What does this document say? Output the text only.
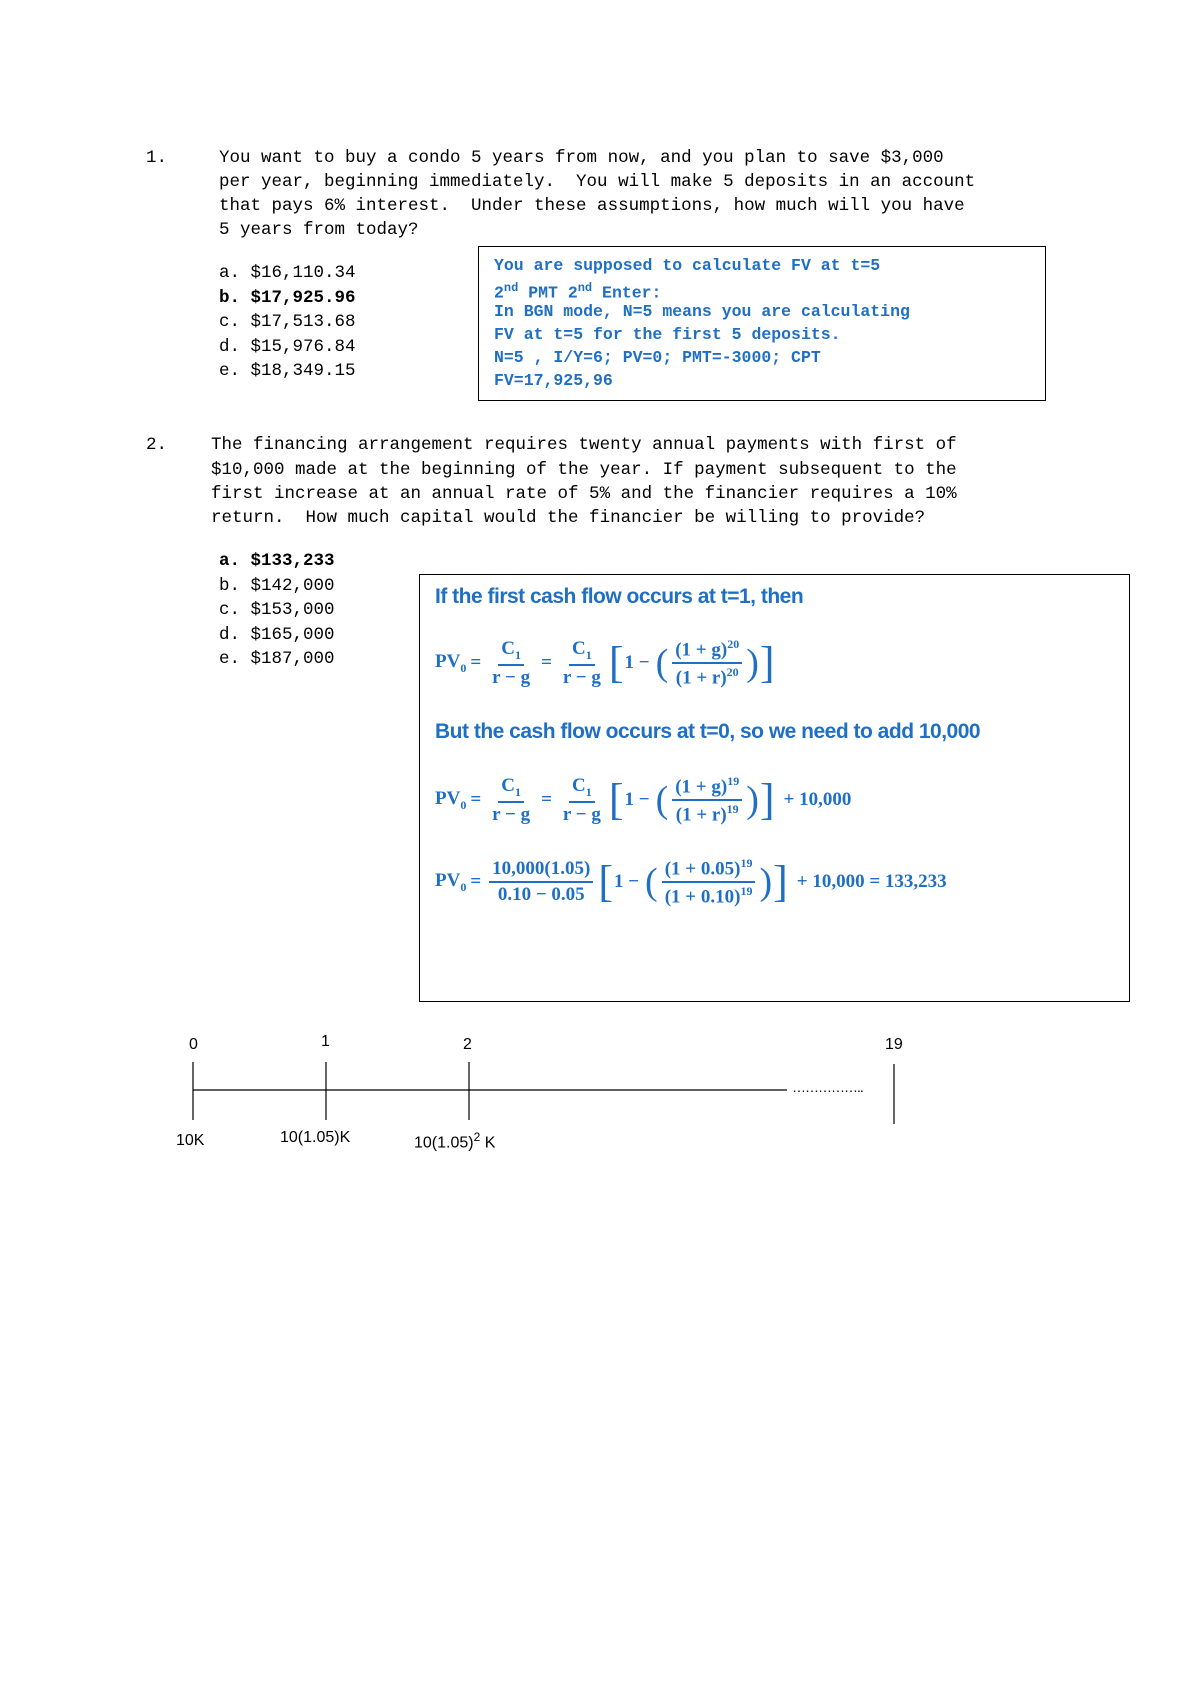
1.	You want to buy a condo 5 years from now, and you plan to save $3,000
per year, beginning immediately.  You will make 5 deposits in an account
that pays 6% interest.  Under these assumptions, how much will you have
5 years from today?
a. $16,110.34
b. $17,925.96
c. $17,513.68
d. $15,976.84
e. $18,349.15
You are supposed to calculate FV at t=5
2nd PMT 2nd Enter:
In BGN mode, N=5 means you are calculating
FV at t=5 for the first 5 deposits.
N=5 , I/Y=6; PV=0; PMT=-3000; CPT
FV=17,925,96
2.	The financing arrangement requires twenty annual payments with first of
$10,000 made at the beginning of the year. If payment subsequent to the
first increase at an annual rate of 5% and the financier requires a 10%
return.  How much capital would the financier be willing to provide?
a. $133,233
b. $142,000
c. $153,000
d. $165,000
e. $187,000
If the first cash flow occurs at t=1, then
$PV_0 = \frac{C_1}{r - g} = \frac{C_1}{r - g}$ [ 1 − ( $\frac{(1 + g)^{20}}{(1 + r)^{20}}$ ) ]
But the cash flow occurs at t=0, so we need to add 10,000
$PV_0 = \frac{C_1}{r - g} = \frac{C_1}{r - g}$ [ 1 − ( $\frac{(1 + g)^{19}}{(1 + r)^{19}}$ ) ] + 10,000
$PV_0 = \frac{10,000(1.05)}{0.10 - 0.05}$ [ 1 − ( $\frac{(1 + 0.05)^{19}}{(1 + 0.10)^{19}}$ ) ] + 10,000 = 133,233
0	1	2	19
……………..
10K	10(1.05)K	$10(1.05)^2$ K
